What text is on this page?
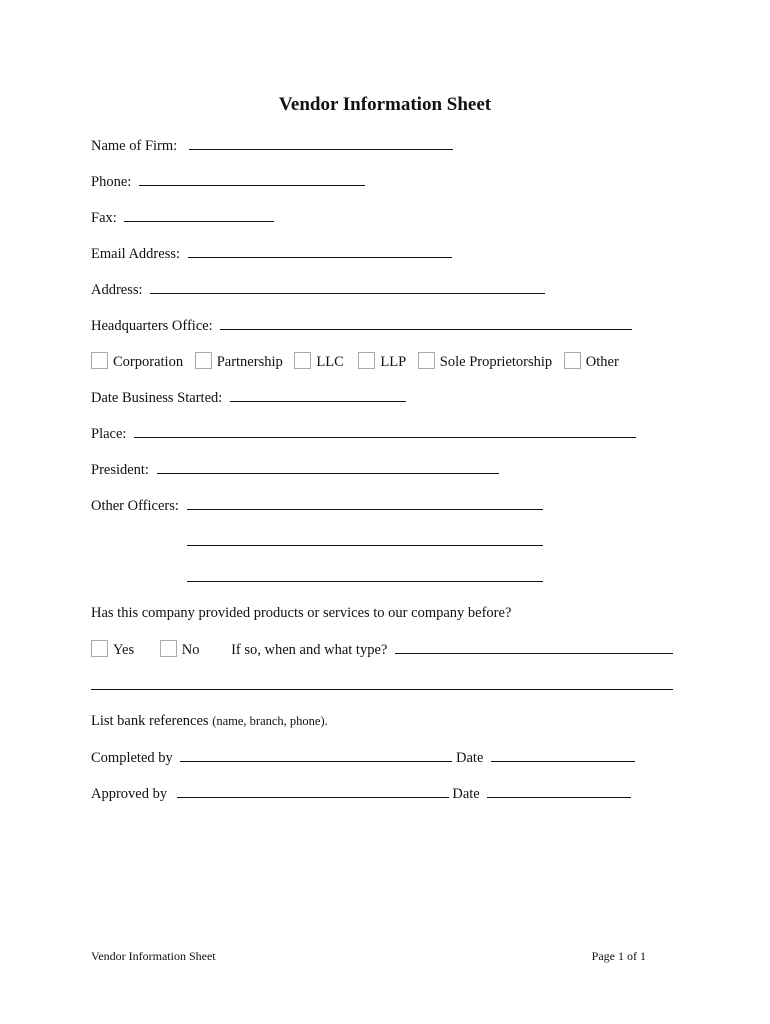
Vendor Information Sheet
Name of Firm:
Phone:
Fax:
Email Address:
Address:
Headquarters Office:
Corporation Partnership LLC	LLP Sole Proprietorship Other
Date Business Started:
Place:
President:
Other Officers:
Has this company provided products or services to our company before?
Yes	No If so, when and what type?
List bank references (name, branch, phone).
Completed by	Date
Approved by	Date
Vendor Information Sheet	Page 1 of 1
